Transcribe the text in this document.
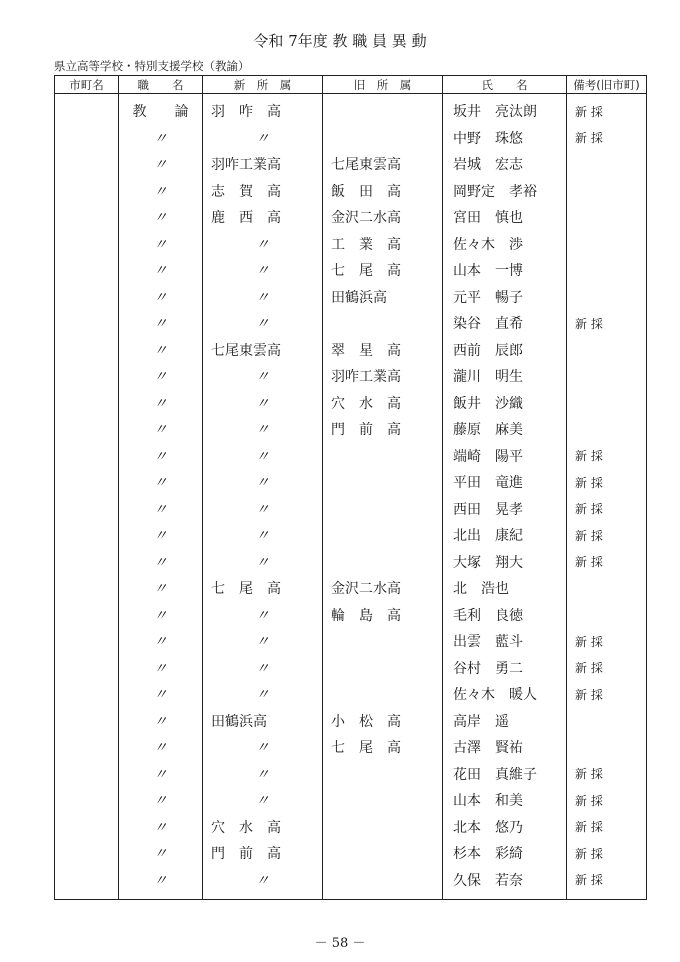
令和 7年度 教 職 員 異 動
県立高等学校・特別支援学校（教諭）
市町名	職　　名	新　所　属	旧　所　属	氏　　名	備考(旧市町)
	教　　論	羽　咋　高		坂井　亮汰朗	新 採
	〃	〃		中野　珠悠	新 採
	〃	羽咋工業高	七尾東雲高	岩城　宏志	
	〃	志　賀　高	飯　田　高	岡野定　孝裕	
	〃	鹿　西　高	金沢二水高	宮田　慎也	
	〃	〃	工　業　高	佐々木　渉	
	〃	〃	七　尾　高	山本　一博	
	〃	〃	田鶴浜高	元平　暢子	
	〃	〃		染谷　直希	新 採
	〃	七尾東雲高	翠　星　高	西前　辰郎	
	〃	〃	羽咋工業高	瀧川　明生	
	〃	〃	穴　水　高	飯井　沙織	
	〃	〃	門　前　高	藤原　麻美	
	〃	〃		端崎　陽平	新 採
	〃	〃		平田　竜進	新 採
	〃	〃		西田　晃孝	新 採
	〃	〃		北出　康紀	新 採
	〃	〃		大塚　翔大	新 採
	〃	七　尾　高	金沢二水高	北　浩也	
	〃	〃	輪　島　高	毛利　良徳	
	〃	〃		出雲　藍斗	新 採
	〃	〃		谷村　勇二	新 採
	〃	〃		佐々木　暖人	新 採
	〃	田鶴浜高	小　松　高	高岸　遥	
	〃	〃	七　尾　高	古澤　賢祐	
	〃	〃		花田　真維子	新 採
	〃	〃		山本　和美	新 採
	〃	穴　水　高		北本　悠乃	新 採
	〃	門　前　高		杉本　彩綺	新 採
	〃	〃		久保　若奈	新 採
－ 58 －
